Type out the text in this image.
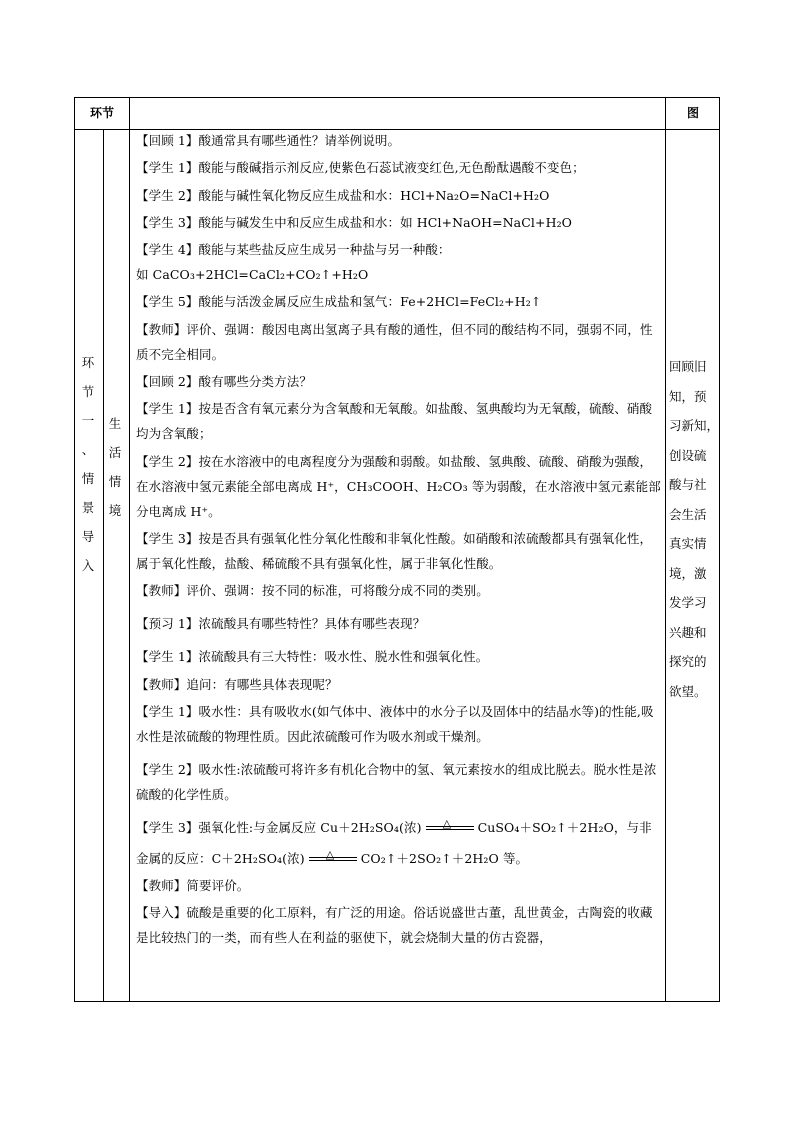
环节	图
环
节
一
、
情
景
导
入
生
活
情
境

【回顾 1】酸通常具有哪些通性？请举例说明。

【学生 1】酸能与酸碱指示剂反应,使紫色石蕊试液变红色,无色酚酞遇酸不变色；

【学生 2】酸能与碱性氧化物反应生成盐和水：HCl+Na₂O=NaCl+H₂O

【学生 3】酸能与碱发生中和反应生成盐和水：如 HCl+NaOH=NaCl+H₂O

【学生 4】酸能与某些盐反应生成另一种盐与另一种酸：

如 CaCO₃+2HCl=CaCl₂+CO₂↑+H₂O

【学生 5】酸能与活泼金属反应生成盐和氢气：Fe+2HCl=FeCl₂+H₂↑

【教师】评价、强调：酸因电离出氢离子具有酸的通性，但不同的酸结构不同，强弱不同，性质不完全相同。

【回顾 2】酸有哪些分类方法？

【学生 1】按是否含有氧元素分为含氧酸和无氧酸。如盐酸、氢典酸均为无氧酸，硫酸、硝酸均为含氧酸；

【学生 2】按在水溶液中的电离程度分为强酸和弱酸。如盐酸、氢典酸、硫酸、硝酸为强酸，在水溶液中氢元素能全部电离成 H⁺，CH₃COOH、H₂CO₃ 等为弱酸，在水溶液中氢元素能部分电离成 H⁺。

【学生 3】按是否具有强氧化性分氧化性酸和非氧化性酸。如硝酸和浓硫酸都具有强氧化性，属于氧化性酸，盐酸、稀硫酸不具有强氧化性，属于非氧化性酸。

【教师】评价、强调：按不同的标准，可将酸分成不同的类别。

【预习 1】浓硫酸具有哪些特性？具体有哪些表现？

【学生 1】浓硫酸具有三大特性：吸水性、脱水性和强氧化性。

【教师】追问：有哪些具体表现呢？

【学生 1】吸水性：具有吸收水(如气体中、液体中的水分子以及固体中的结晶水等)的性能,吸水性是浓硫酸的物理性质。因此浓硫酸可作为吸水剂或干燥剂。

【学生 2】吸水性:浓硫酸可将许多有机化合物中的氢、氧元素按水的组成比脱去。脱水性是浓硫酸的化学性质。

【学生 3】强氧化性:与金属反应 Cu＋2H₂SO₄(浓) △ CuSO₄＋SO₂↑＋2H₂O，与非

金属的反应：C＋2H₂SO₄(浓) △ CO₂↑＋2SO₂↑＋2H₂O 等。

【教师】简要评价。

【导入】硫酸是重要的化工原料，有广泛的用途。俗话说盛世古董，乱世黄金，古陶瓷的收藏是比较热门的一类，而有些人在利益的驱使下，就会烧制大量的仿古瓷器，

回顾旧
知，预
习新知，
创设硫
酸与社
会生活
真实情
境，激
发学习
兴趣和
探究的
欲望。
